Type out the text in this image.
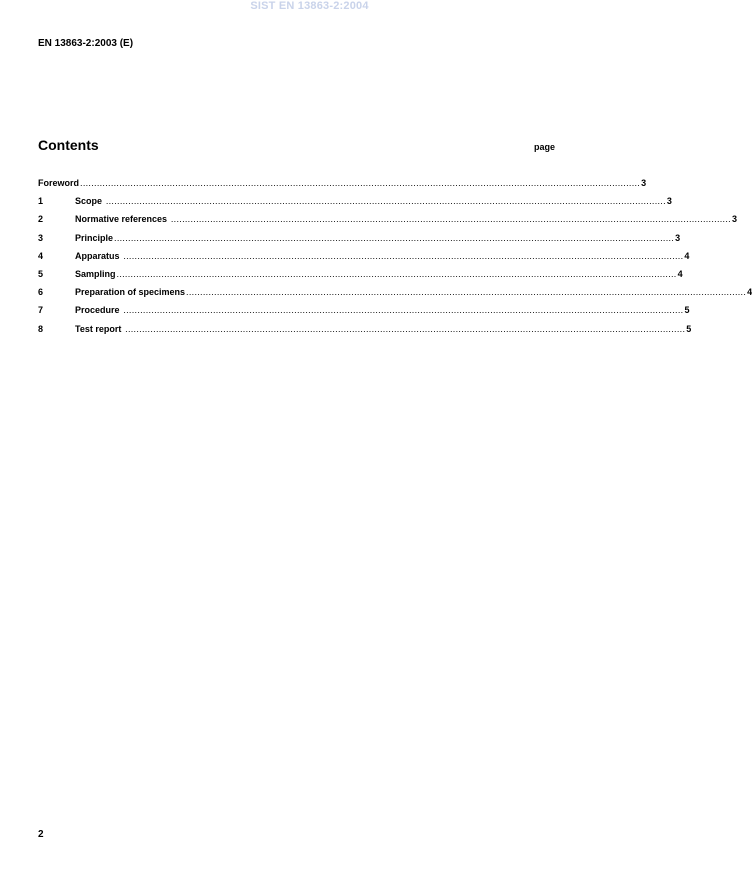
SIST EN 13863-2:2004
EN 13863-2:2003 (E)
Contents	page
Foreword ........................................................................................................................................................................................................ 3
1	Scope ........................................................................................................................................................................................................ 3
2	Normative references ........................................................................................................................................................................................................ 3
3	Principle ........................................................................................................................................................................................................ 3
4	Apparatus ........................................................................................................................................................................................................ 4
5	Sampling ........................................................................................................................................................................................................ 4
6	Preparation of specimens ........................................................................................................................................................................................................ 4
7	Procedure ........................................................................................................................................................................................................ 5
8	Test report ........................................................................................................................................................................................................ 5
2
